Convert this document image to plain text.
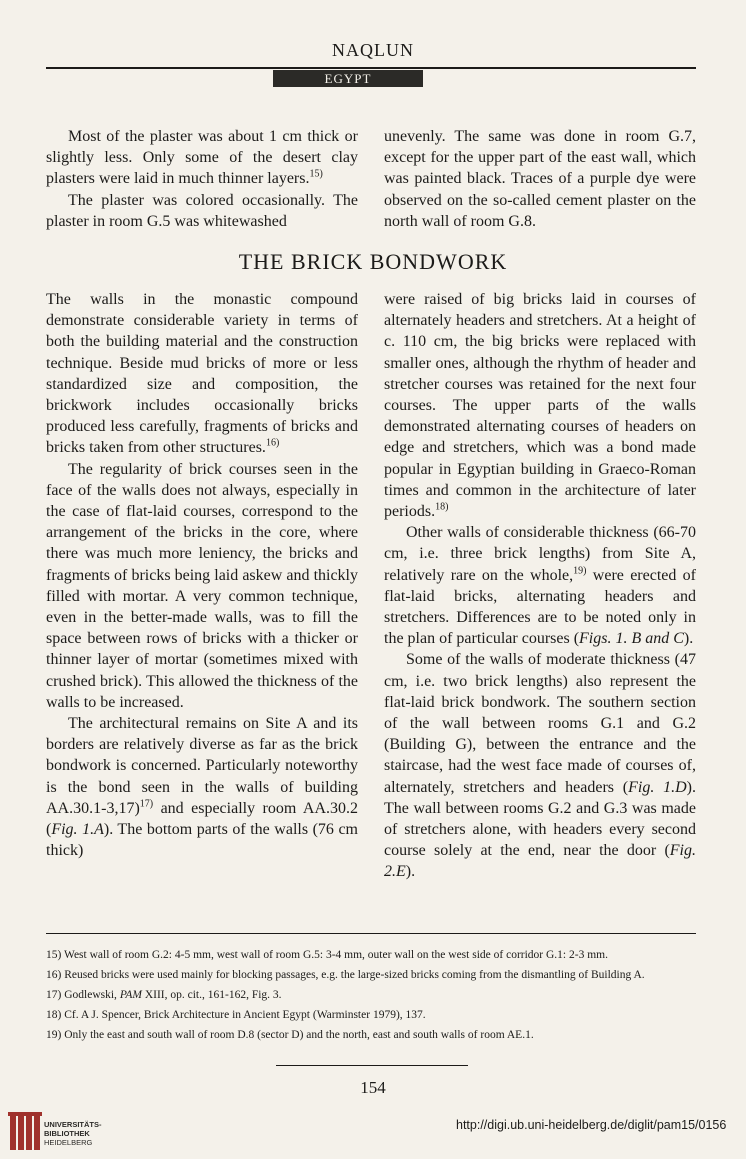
NAQLUN
EGYPT

Most of the plaster was about 1 cm thick or slightly less. Only some of the desert clay plasters were laid in much thinner layers.$^{15)}$

The plaster was colored occasionally. The plaster in room G.5 was whitewashed

unevenly. The same was done in room G.7, except for the upper part of the east wall, which was painted black. Traces of a purple dye were observed on the so-called cement plaster on the north wall of room G.8.

THE BRICK BONDWORK

The walls in the monastic compound demonstrate considerable variety in terms of both the building material and the construction technique. Beside mud bricks of more or less standardized size and composition, the brickwork includes occasionally bricks produced less carefully, fragments of bricks and bricks taken from other structures.$^{16)}$

The regularity of brick courses seen in the face of the walls does not always, especially in the case of flat-laid courses, correspond to the arrangement of the bricks in the core, where there was much more leniency, the bricks and fragments of bricks being laid askew and thickly filled with mortar. A very common technique, even in the better-made walls, was to fill the space between rows of bricks with a thicker or thinner layer of mortar (sometimes mixed with crushed brick). This allowed the thickness of the walls to be increased.

The architectural remains on Site A and its borders are relatively diverse as far as the brick bondwork is concerned. Particularly noteworthy is the bond seen in the walls of building AA.30.1-3,17)$^{17)}$ and especially room AA.30.2 (Fig. 1.A). The bottom parts of the walls (76 cm thick)

were raised of big bricks laid in courses of alternately headers and stretchers. At a height of c. 110 cm, the big bricks were replaced with smaller ones, although the rhythm of header and stretcher courses was retained for the next four courses. The upper parts of the walls demonstrated alternating courses of headers on edge and stretchers, which was a bond made popular in Egyptian building in Graeco-Roman times and common in the architecture of later periods.$^{18)}$

Other walls of considerable thickness (66-70 cm, i.e. three brick lengths) from Site A, relatively rare on the whole,$^{19)}$ were erected of flat-laid bricks, alternating headers and stretchers. Differences are to be noted only in the plan of particular courses (Figs. 1. B and C).

Some of the walls of moderate thickness (47 cm, i.e. two brick lengths) also represent the flat-laid brick bondwork. The southern section of the wall between rooms G.1 and G.2 (Building G), between the entrance and the staircase, had the west face made of courses of, alternately, stretchers and headers (Fig. 1.D). The wall between rooms G.2 and G.3 was made of stretchers alone, with headers every second course solely at the end, near the door (Fig. 2.E).

15) West wall of room G.2: 4-5 mm, west wall of room G.5: 3-4 mm, outer wall on the west side of corridor G.1: 2-3 mm.
16) Reused bricks were used mainly for blocking passages, e.g. the large-sized bricks coming from the dismantling of Building A.
17) Godlewski, PAM XIII, op. cit., 161-162, Fig. 3.
18) Cf. A J. Spencer, Brick Architecture in Ancient Egypt (Warminster 1979), 137.
19) Only the east and south wall of room D.8 (sector D) and the north, east and south walls of room AE.1.
154
UNIVERSITÄTS-
BIBLIOTHEK
HEIDELBERG
http://digi.ub.uni-heidelberg.de/diglit/pam15/0156
